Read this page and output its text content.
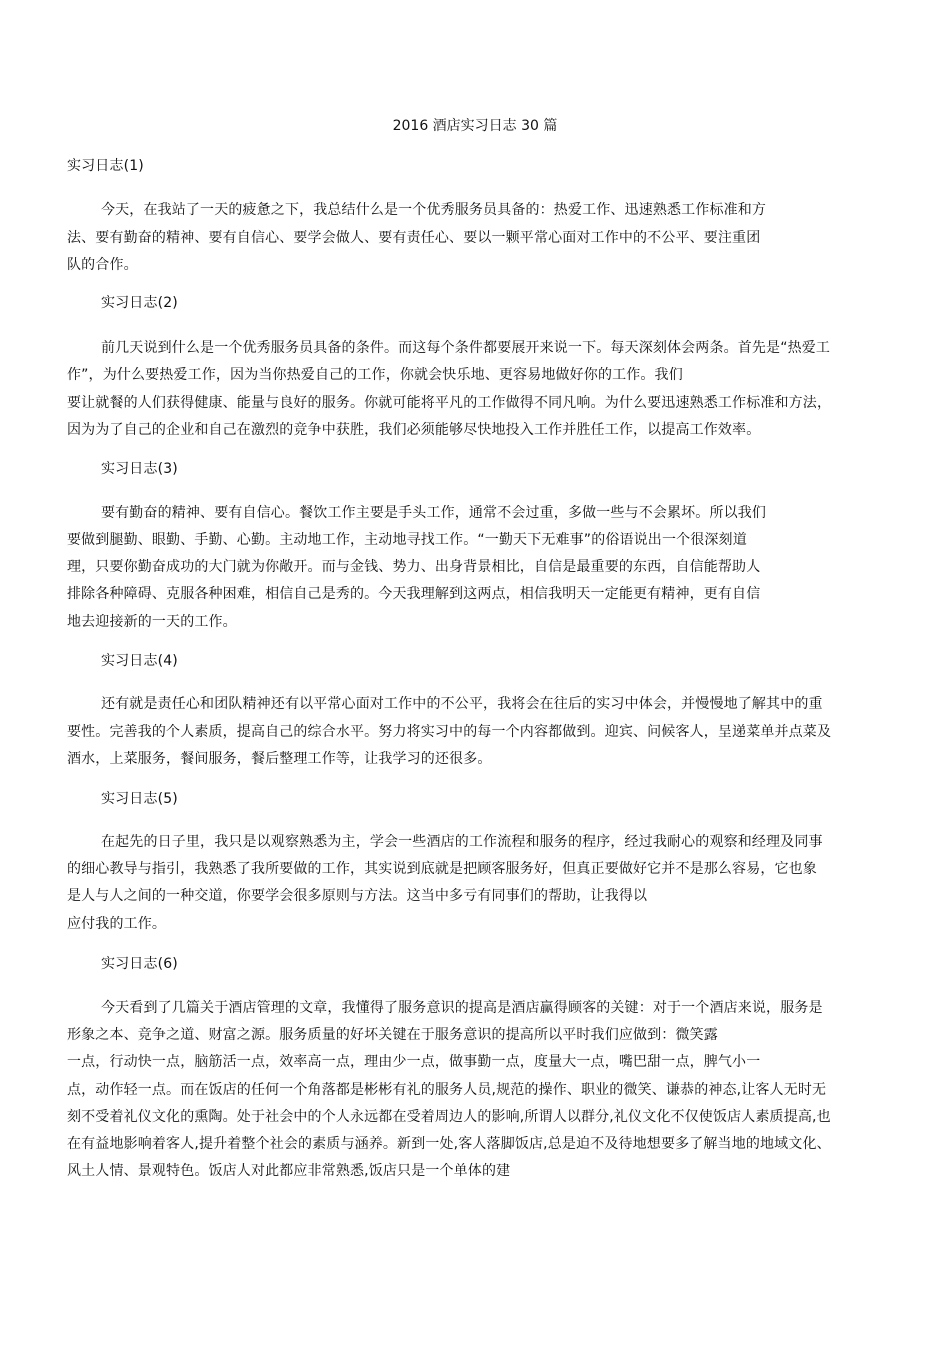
2016 酒店实习日志 30 篇
实习日志(1)
今天，在我站了一天的疲惫之下，我总结什么是一个优秀服务员具备的：热爱工作、迅速熟悉工作标准和方
法、要有勤奋的精神、要有自信心、要学会做人、要有责任心、要以一颗平常心面对工作中的不公平、要注重团
队的合作。
实习日志(2)
前几天说到什么是一个优秀服务员具备的条件。而这每个条件都要展开来说一下。每天深刻体会两条。首先是“热爱工
作”，为什么要热爱工作，因为当你热爱自己的工作，你就会快乐地、更容易地做好你的工作。我们
要让就餐的人们获得健康、能量与良好的服务。你就可能将平凡的工作做得不同凡响。为什么要迅速熟悉工作标准和方法，
因为为了自己的企业和自己在激烈的竞争中获胜，我们必须能够尽快地投入工作并胜任工作，以提高工作效率。
实习日志(3)
要有勤奋的精神、要有自信心。餐饮工作主要是手头工作，通常不会过重，多做一些与不会累坏。所以我们
要做到腿勤、眼勤、手勤、心勤。主动地工作，主动地寻找工作。“一勤天下无难事”的俗语说出一个很深刻道
理，只要你勤奋成功的大门就为你敞开。而与金钱、势力、出身背景相比，自信是最重要的东西，自信能帮助人
排除各种障碍、克服各种困难，相信自己是秀的。今天我理解到这两点，相信我明天一定能更有精神，更有自信
地去迎接新的一天的工作。
实习日志(4)
还有就是责任心和团队精神还有以平常心面对工作中的不公平，我将会在往后的实习中体会，并慢慢地了解其中的重
要性。完善我的个人素质，提高自己的综合水平。努力将实习中的每一个内容都做到。迎宾、问候客人，呈递菜单并点菜及
酒水，上菜服务，餐间服务，餐后整理工作等，让我学习的还很多。
实习日志(5)
在起先的日子里，我只是以观察熟悉为主，学会一些酒店的工作流程和服务的程序，经过我耐心的观察和经理及同事
的细心教导与指引，我熟悉了我所要做的工作，其实说到底就是把顾客服务好，但真正要做好它并不是那么容易，它也象
是人与人之间的一种交道，你要学会很多原则与方法。这当中多亏有同事们的帮助，让我得以
应付我的工作。
实习日志(6)
今天看到了几篇关于酒店管理的文章，我懂得了服务意识的提高是酒店赢得顾客的关键：对于一个酒店来说，服务是
形象之本、竞争之道、财富之源。服务质量的好坏关键在于服务意识的提高所以平时我们应做到：微笑露
一点，行动快一点，脑筋活一点，效率高一点，理由少一点，做事勤一点，度量大一点，嘴巴甜一点，脾气小一
点，动作轻一点。而在饭店的任何一个角落都是彬彬有礼的服务人员,规范的操作、职业的微笑、谦恭的神态,让客人无时无
刻不受着礼仪文化的熏陶。处于社会中的个人永远都在受着周边人的影响,所谓人以群分,礼仪文化不仅使饭店人素质提高,也
在有益地影响着客人,提升着整个社会的素质与涵养。新到一处,客人落脚饭店,总是迫不及待地想要多了解当地的地域文化、
风土人情、景观特色。饭店人对此都应非常熟悉,饭店只是一个单体的建
